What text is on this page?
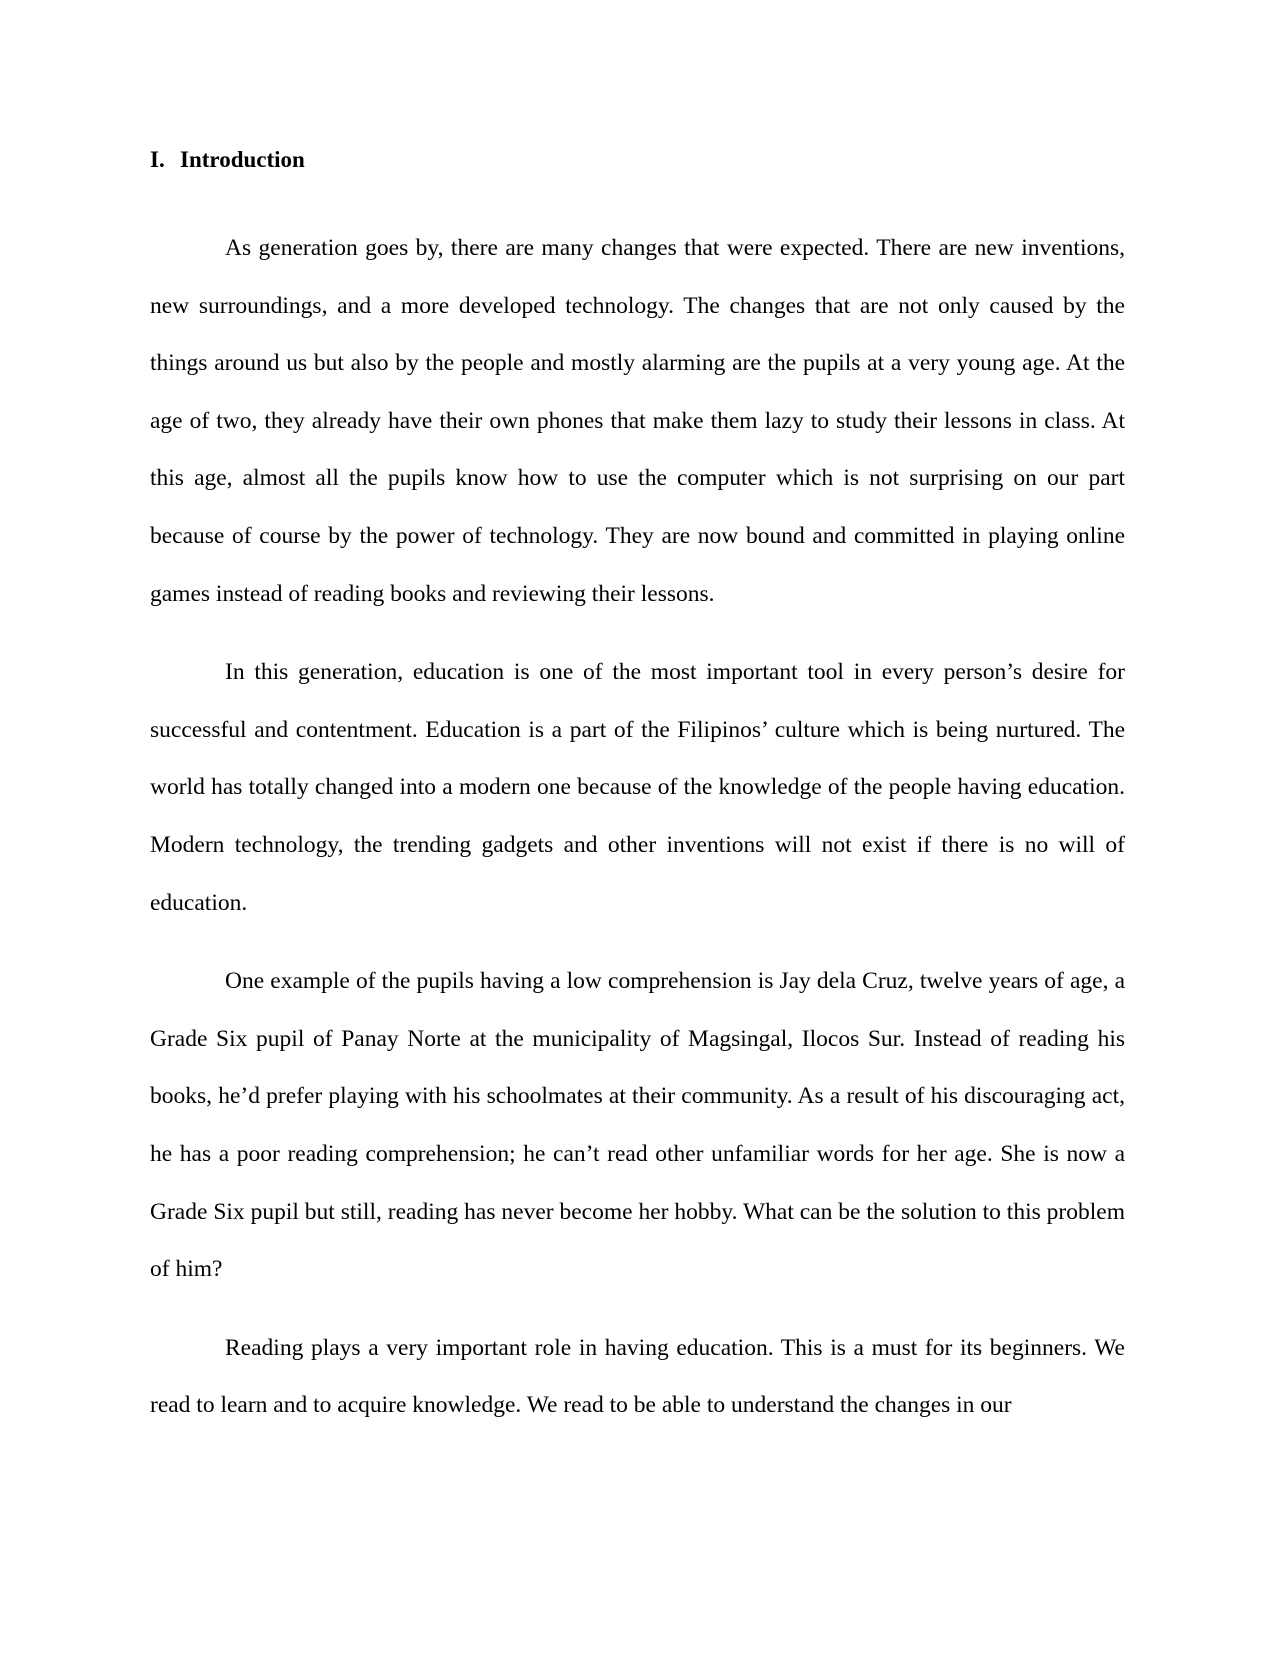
I. Introduction

As generation goes by, there are many changes that were expected. There are new inventions, new surroundings, and a more developed technology. The changes that are not only caused by the things around us but also by the people and mostly alarming are the pupils at a very young age. At the age of two, they already have their own phones that make them lazy to study their lessons in class. At this age, almost all the pupils know how to use the computer which is not surprising on our part because of course by the power of technology. They are now bound and committed in playing online games instead of reading books and reviewing their lessons.

In this generation, education is one of the most important tool in every person’s desire for successful and contentment. Education is a part of the Filipinos’ culture which is being nurtured. The world has totally changed into a modern one because of the knowledge of the people having education. Modern technology, the trending gadgets and other inventions will not exist if there is no will of education.

One example of the pupils having a low comprehension is Jay dela Cruz, twelve years of age, a Grade Six pupil of Panay Norte at the municipality of Magsingal, Ilocos Sur. Instead of reading his books, he’d prefer playing with his schoolmates at their community. As a result of his discouraging act, he has a poor reading comprehension; he can’t read other unfamiliar words for her age. She is now a Grade Six pupil but still, reading has never become her hobby. What can be the solution to this problem of him?

Reading plays a very important role in having education. This is a must for its beginners. We read to learn and to acquire knowledge. We read to be able to understand the changes in our
